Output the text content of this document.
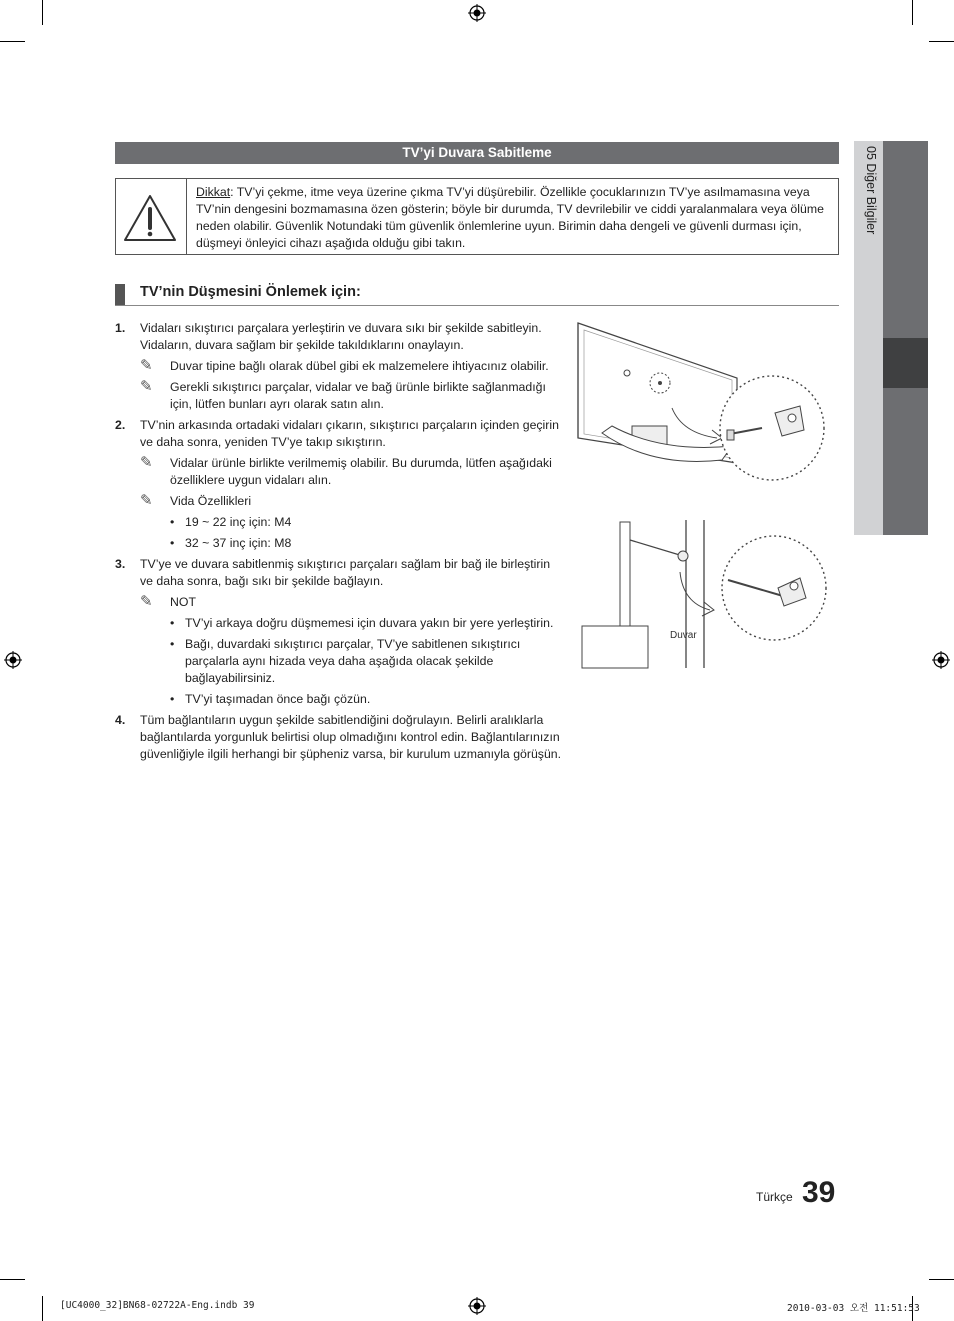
TV’yi Duvara Sabitleme
Dikkat: TV’yi çekme, itme veya üzerine çıkma TV’yi düşürebilir. Özellikle çocuklarınızın TV’ye asılmamasına veya TV’nin dengesini bozmamasına özen gösterin; böyle bir durumda, TV devrilebilir ve ciddi yaralanmalara veya ölüme neden olabilir. Güvenlik Notundaki tüm güvenlik önlemlerine uyun. Birimin daha dengeli ve güvenli durması için, düşmeyi önleyici cihazı aşağıda olduğu gibi takın.
TV’nin Düşmesini Önlemek için:
1. Vidaları sıkıştırıcı parçalara yerleştirin ve duvara sıkı bir şekilde sabitleyin. Vidaların, duvara sağlam bir şekilde takıldıklarını onaylayın.
✎ Duvar tipine bağlı olarak dübel gibi ek malzemelere ihtiyacınız olabilir.
✎ Gerekli sıkıştırıcı parçalar, vidalar ve bağ ürünle birlikte sağlanmadığı için, lütfen bunları ayrı olarak satın alın.
2. TV’nin arkasında ortadaki vidaları çıkarın, sıkıştırıcı parçaların içinden geçirin ve daha sonra, yeniden TV’ye takıp sıkıştırın.
✎ Vidalar ürünle birlikte verilmemiş olabilir. Bu durumda, lütfen aşağıdaki özelliklere uygun vidaları alın.
✎ Vida Özellikleri
• 19 ~ 22 inç için: M4
• 32 ~ 37 inç için: M8
3. TV’ye ve duvara sabitlenmiş sıkıştırıcı parçaları sağlam bir bağ ile birleştirin ve daha sonra, bağı sıkı bir şekilde bağlayın.
✎ NOT
• TV’yi arkaya doğru düşmemesi için duvara yakın bir yere yerleştirin.
• Bağı, duvardaki sıkıştırıcı parçalar, TV’ye sabitlenen sıkıştırıcı parçalarla aynı hizada veya daha aşağıda olacak şekilde bağlayabilirsiniz.
• TV’yi taşımadan önce bağı çözün.
4. Tüm bağlantıların uygun şekilde sabitlendiğini doğrulayın. Belirli aralıklarla bağlantılarda yorgunluk belirtisi olup olmadığını kontrol edin. Bağlantılarınızın güvenliğiyle ilgili herhangi bir şüpheniz varsa, bir kurulum uzmanıyla görüşün.
Duvar
05 Diğer Bilgiler
Türkçe 39
[UC4000_32]BN68-02722A-Eng.indb 39	2010-03-03 오전 11:51:53
